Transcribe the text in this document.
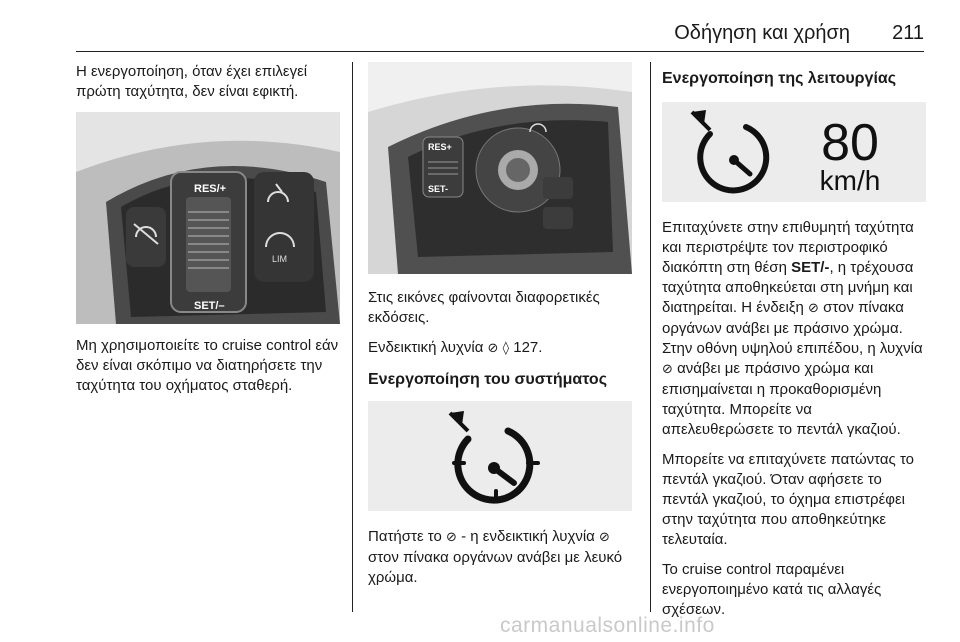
Οδήγηση και χρήση 211

Η ενεργοποίηση, όταν έχει επιλεγεί πρώτη ταχύτητα, δεν είναι εφικτή.

RES/+
SET/–
LIM

Μη χρησιμοποιείτε το cruise control εάν δεν είναι σκόπιμο να διατηρήσετε την ταχύτητα του οχήματος σταθερή.

RES+
SET-

Στις εικόνες φαίνονται διαφορετικές εκδόσεις.

Ενδεικτική λυχνία ⊘ ◊ 127.

Ενεργοποίηση του συστήματος

Πατήστε το ⊘ - η ενδεικτική λυχνία ⊘ στον πίνακα οργάνων ανάβει με λευκό χρώμα.

Ενεργοποίηση της λειτουργίας
80
km/h

Επιταχύνετε στην επιθυμητή ταχύτητα και περιστρέψτε τον περιστροφικό διακόπτη στη θέση SET/-, η τρέχουσα ταχύτητα αποθηκεύεται στη μνήμη και διατηρείται. Η ένδειξη ⊘ στον πίνακα οργάνων ανάβει με πράσινο χρώμα. Στην οθόνη υψηλού επιπέδου, η λυχνία ⊘ ανάβει με πράσινο χρώμα και επισημαίνεται η προκαθορισμένη ταχύτητα. Μπορείτε να απελευθερώσετε το πεντάλ γκαζιού.

Μπορείτε να επιταχύνετε πατώντας το πεντάλ γκαζιού. Όταν αφήσετε το πεντάλ γκαζιού, το όχημα επιστρέφει στην ταχύτητα που αποθηκεύτηκε τελευταία.

Το cruise control παραμένει ενεργοποιημένο κατά τις αλλαγές σχέσεων.

carmanualsonline.info
